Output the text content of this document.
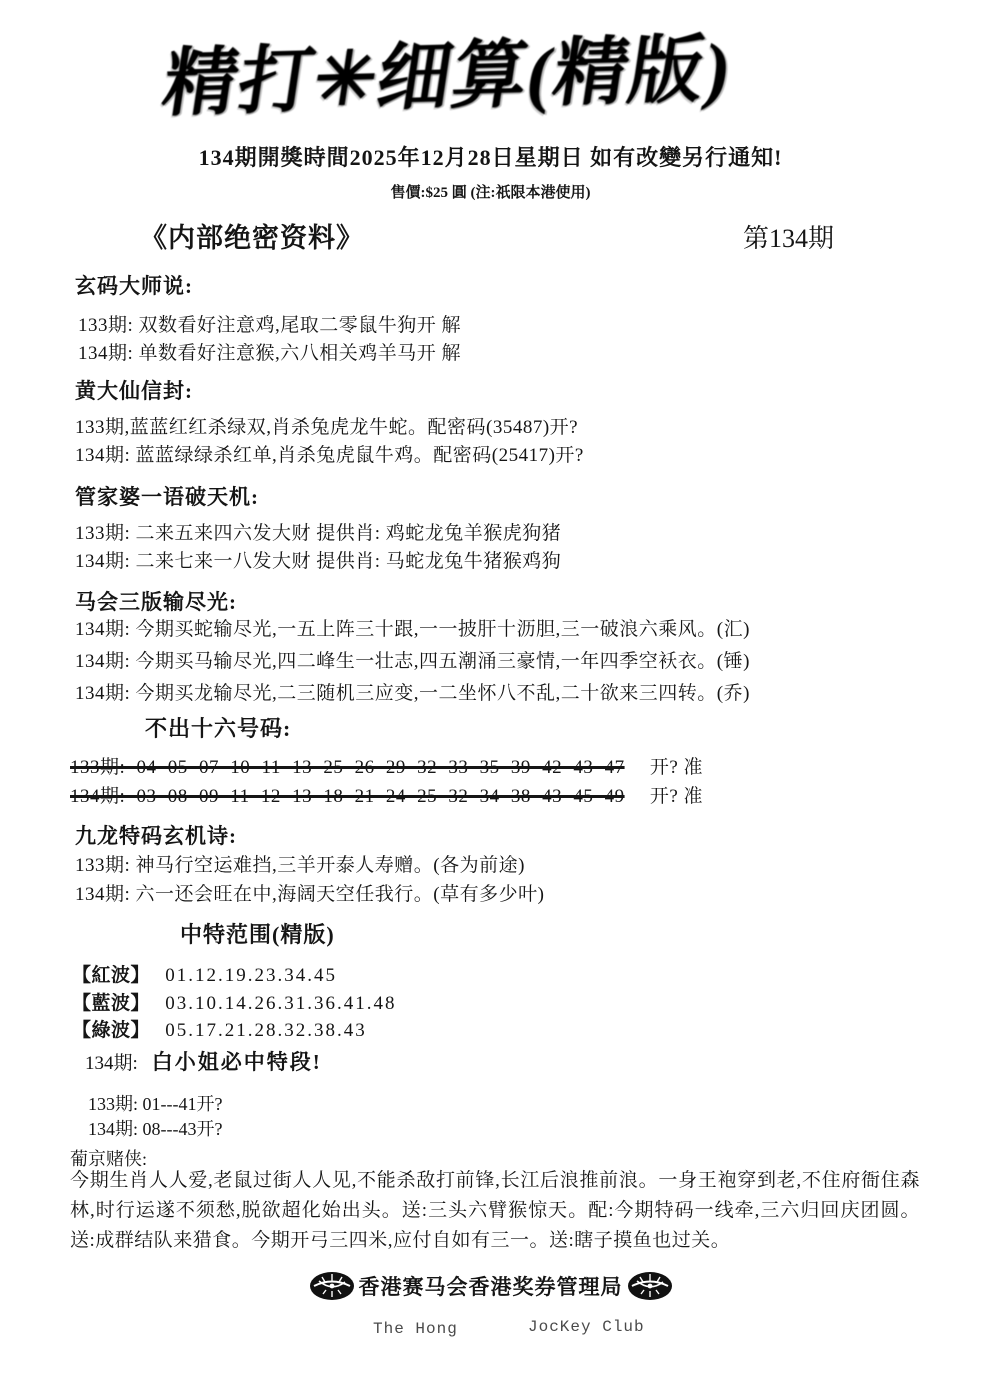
精打✳细算(精版)
134期開獎時間2025年12月28日星期日 如有改變另行通知!
售價:$25 圓 (注:祇限本港使用)
《内部绝密资料》	第134期
玄码大师说:
133期: 双数看好注意鸡,尾取二零鼠牛狗开 解
134期: 单数看好注意猴,六八相关鸡羊马开 解
黄大仙信封:
133期,蓝蓝红红杀绿双,肖杀兔虎龙牛蛇。配密码(35487)开?
134期: 蓝蓝绿绿杀红单,肖杀兔虎鼠牛鸡。配密码(25417)开?
管家婆一语破天机:
133期: 二来五来四六发大财 提供肖: 鸡蛇龙兔羊猴虎狗猪
134期: 二来七来一八发大财 提供肖: 马蛇龙兔牛猪猴鸡狗
马会三版输尽光:
134期: 今期买蛇输尽光,一五上阵三十跟,一一披肝十沥胆,三一破浪六乘风。(汇)
134期: 今期买马输尽光,四二峰生一壮志,四五潮涌三豪情,一年四季空袄衣。(锤)
134期: 今期买龙输尽光,二三随机三应变,一二坐怀八不乱,二十欲来三四转。(乔)
不出十六号码:
133期: 04 05 07 10 11 13 25 26 29 32 33 35 39 42 43 47 开? 准
134期: 03 08 09 11 12 13 18 21 24 25 32 34 38 43 45 49 开? 准
九龙特码玄机诗:
133期: 神马行空运难挡,三羊开泰人寿赠。(各为前途)
134期: 六一还会旺在中,海阔天空任我行。(草有多少叶)
中特范围(精版)
【紅波】 01.12.19.23.34.45
【藍波】 03.10.14.26.31.36.41.48
【綠波】 05.17.21.28.32.38.43
134期: 白小姐必中特段!
133期: 01---41开?
134期: 08---43开?
葡京赌侠:
今期生肖人人爱,老鼠过街人人见,不能杀敌打前锋,长江后浪推前浪。一身王袍穿到老,不住府衙住森林,时行运遂不须愁,脱欲超化始出头。送:三头六臂猴惊天。配:今期特码一线牵,三六归回庆团圆。送:成群结队来猎食。今期开弓三四米,应付自如有三一。送:瞎子摸鱼也过关。
香港赛马会香港奖券管理局
The Hong	JocKey Club
